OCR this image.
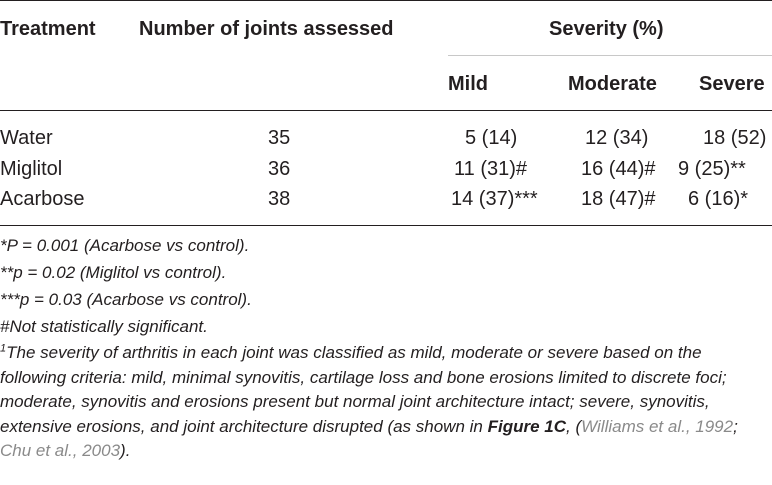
Treatment Number of joints assessed	Severity (%)
Mild	Moderate Severe
Water	35	5 (14)	12 (34)	18 (52)
Miglitol	36	11 (31)#	16 (44)# 9 (25)**
Acarbose	38	14 (37)*** 18 (47)# 6 (16)*
*P = 0.001 (Acarbose vs control).
**p = 0.02 (Miglitol vs control).
***p = 0.03 (Acarbose vs control).
#Not statistically significant.
$^1$The severity of arthritis in each joint was classified as mild, moderate or severe based on the following criteria: mild, minimal synovitis, cartilage loss and bone erosions limited to discrete foci; moderate, synovitis and erosions present but normal joint architecture intact; severe, synovitis, extensive erosions, and joint architecture disrupted (as shown in Figure 1C, (Williams et al., 1992; Chu et al., 2003).
